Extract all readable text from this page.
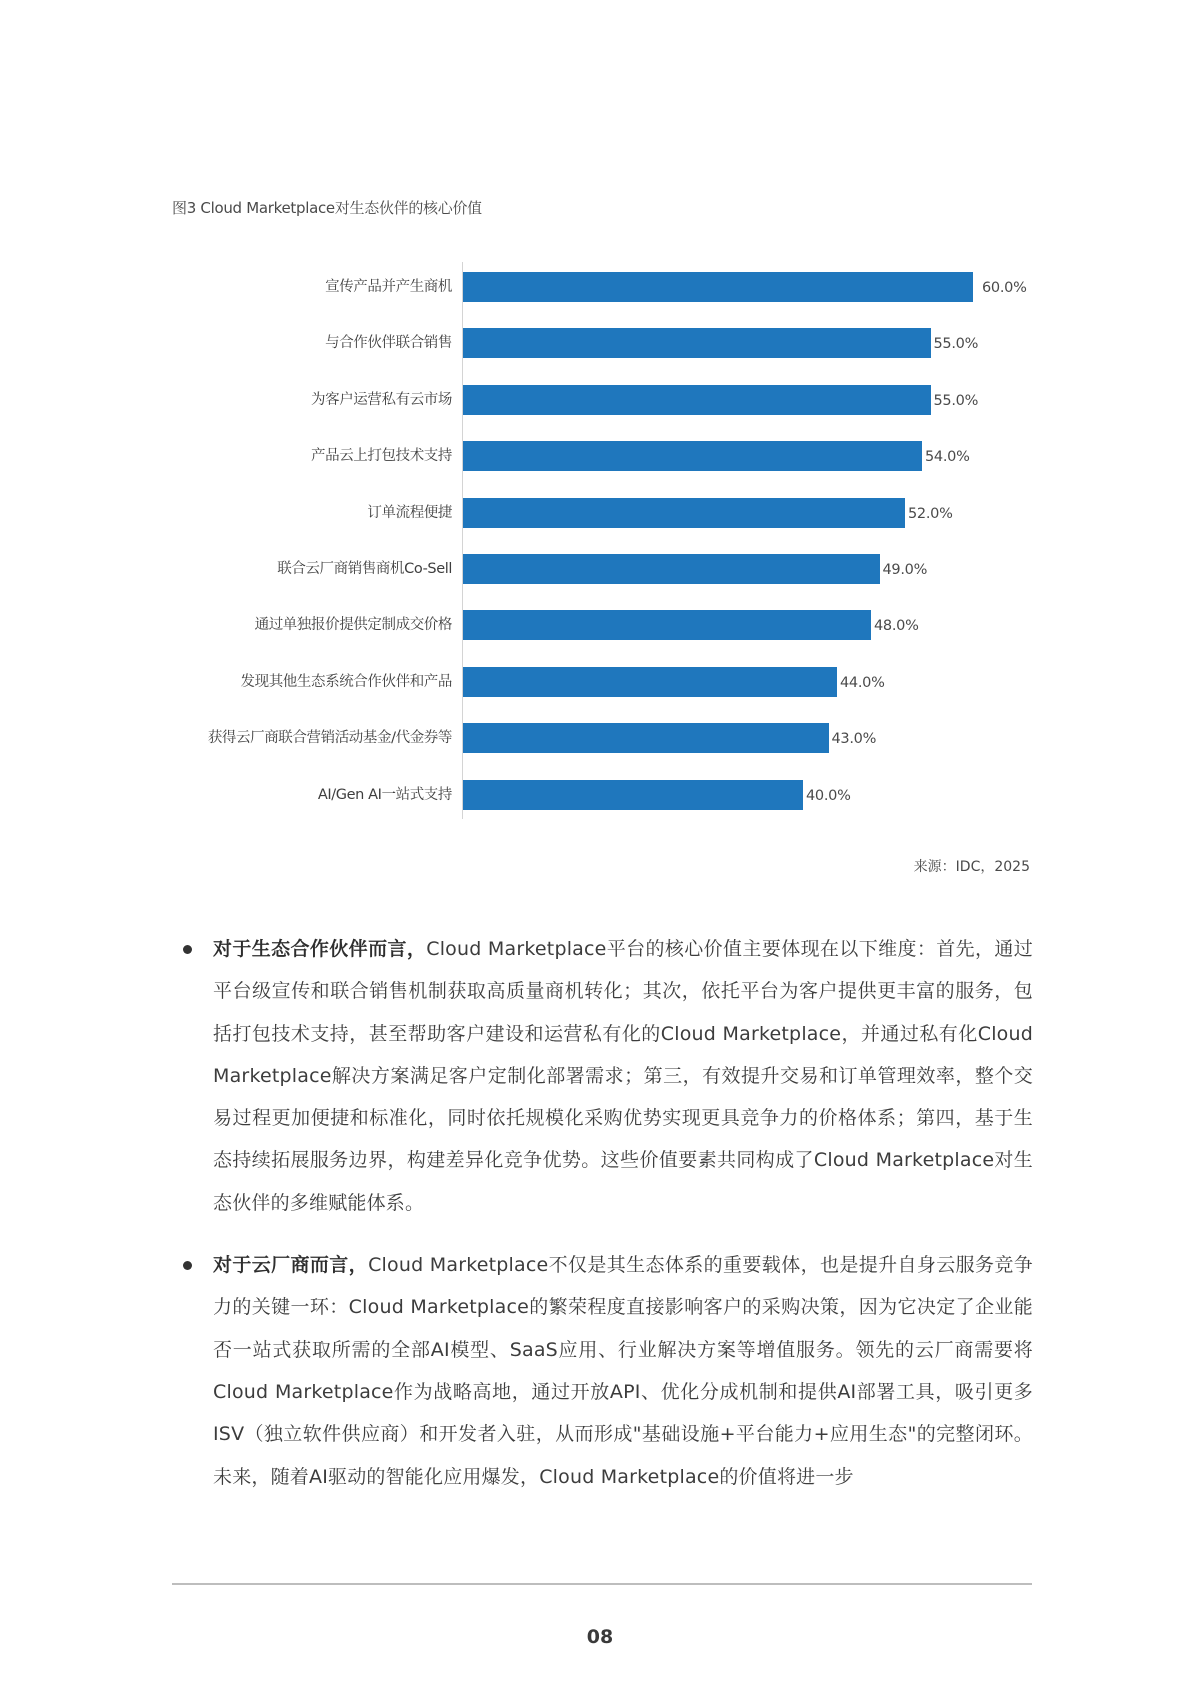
图3 Cloud Marketplace对生态伙伴的核心价值
宣传产品并产生商机	60.0%
与合作伙伴联合销售	55.0%
为客户运营私有云市场	55.0%
产品云上打包技术支持	54.0%
订单流程便捷	52.0%
联合云厂商销售商机Co-Sell	49.0%
通过单独报价提供定制成交价格	48.0%
发现其他生态系统合作伙伴和产品	44.0%
获得云厂商联合营销活动基金/代金券等	43.0%
AI/Gen AI一站式支持	40.0%
来源：IDC，2025
对于生态合作伙伴而言，Cloud Marketplace平台的核心价值主要体现在以下维度：首先，通过平台级宣传和联合销售机制获取高质量商机转化；其次，依托平台为客户提供更丰富的服务，包括打包技术支持，甚至帮助客户建设和运营私有化的Cloud Marketplace，并通过私有化Cloud Marketplace解决方案满足客户定制化部署需求；第三，有效提升交易和订单管理效率，整个交易过程更加便捷和标准化，同时依托规模化采购优势实现更具竞争力的价格体系；第四，基于生态持续拓展服务边界，构建差异化竞争优势。这些价值要素共同构成了Cloud Marketplace对生态伙伴的多维赋能体系。
对于云厂商而言，Cloud Marketplace不仅是其生态体系的重要载体，也是提升自身云服务竞争力的关键一环：Cloud Marketplace的繁荣程度直接影响客户的采购决策，因为它决定了企业能否一站式获取所需的全部AI模型、SaaS应用、行业解决方案等增值服务。领先的云厂商需要将Cloud Marketplace作为战略高地，通过开放API、优化分成机制和提供AI部署工具，吸引更多ISV（独立软件供应商）和开发者入驻，从而形成"基础设施+平台能力+应用生态"的完整闭环。未来，随着AI驱动的智能化应用爆发，Cloud Marketplace的价值将进一步
08
